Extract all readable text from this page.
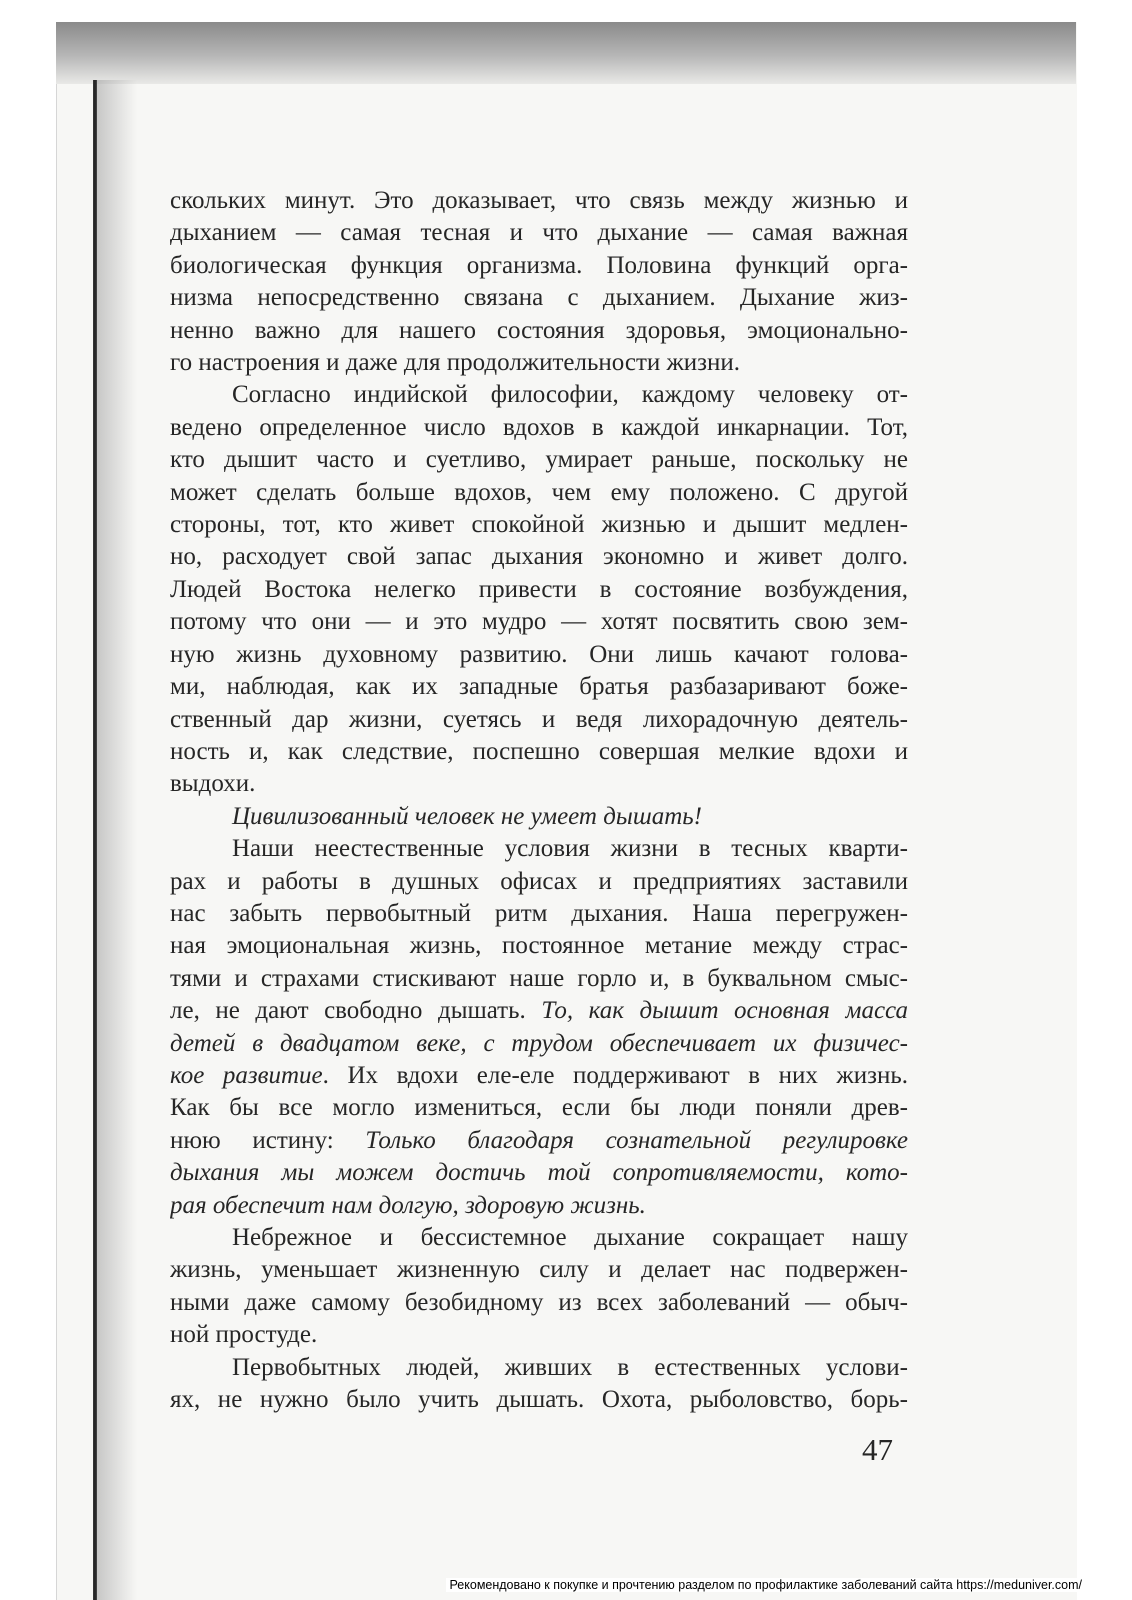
скольких минут. Это доказывает, что связь между жизнью и
дыханием — самая тесная и что дыхание — самая важная
биологическая функция организма. Половина функций орга-
низма непосредственно связана с дыханием. Дыхание жиз-
ненно важно для нашего состояния здоровья, эмоционально-
го настроения и даже для продолжительности жизни.
Согласно индийской философии, каждому человеку от-
ведено определенное число вдохов в каждой инкарнации. Тот,
кто дышит часто и суетливо, умирает раньше, поскольку не
может сделать больше вдохов, чем ему положено. С другой
стороны, тот, кто живет спокойной жизнью и дышит медлен-
но, расходует свой запас дыхания экономно и живет долго.
Людей Востока нелегко привести в состояние возбуждения,
потому что они — и это мудро — хотят посвятить свою зем-
ную жизнь духовному развитию. Они лишь качают голова-
ми, наблюдая, как их западные братья разбазаривают боже-
ственный дар жизни, суетясь и ведя лихорадочную деятель-
ность и, как следствие, поспешно совершая мелкие вдохи и
выдохи.
Цивилизованный человек не умеет дышать!
Наши неестественные условия жизни в тесных кварти-
рах и работы в душных офисах и предприятиях заставили
нас забыть первобытный ритм дыхания. Наша перегружен-
ная эмоциональная жизнь, постоянное метание между страс-
тями и страхами стискивают наше горло и, в буквальном смыс-
ле, не дают свободно дышать. То, как дышит основная масса
детей в двадцатом веке, с трудом обеспечивает их физичес-
кое развитие. Их вдохи еле-еле поддерживают в них жизнь.
Как бы все могло измениться, если бы люди поняли древ-
нюю истину: Только благодаря сознательной регулировке
дыхания мы можем достичь той сопротивляемости, кото-
рая обеспечит нам долгую, здоровую жизнь.
Небрежное и бессистемное дыхание сокращает нашу
жизнь, уменьшает жизненную силу и делает нас подвержен-
ными даже самому безобидному из всех заболеваний — обыч-
ной простуде.
Первобытных людей, живших в естественных услови-
ях, не нужно было учить дышать. Охота, рыболовство, борь-
47
Рекомендовано к покупке и прочтению разделом по профилактике заболеваний сайта https://meduniver.com/
